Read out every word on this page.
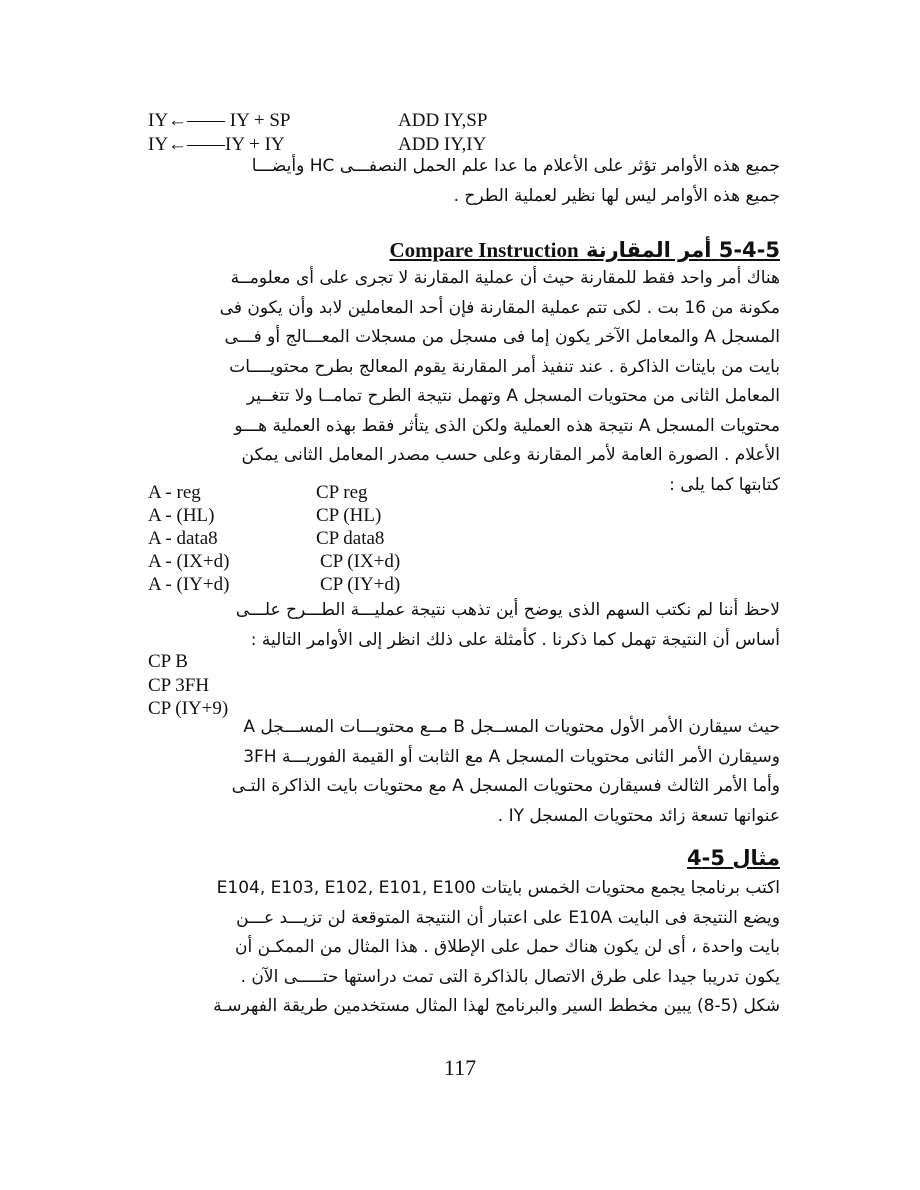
IY←—— IY + SP	ADD IY,SP
IY←——IY + IY	ADD IY,IY

جميع هذه الأوامر تؤثر على الأعلام ما عدا علم الحمل النصفـــى HC وأيضـــا

جميع هذه الأوامر ليس لها نظير لعملية الطرح .

5-4-5 أمر المقارنة Compare Instruction

هناك أمر واحد فقط للمقارنة حيث أن عملية المقارنة لا تجرى على أى معلومــة

مكونة من 16 بت . لكى تتم عملية المقارنة فإن أحد المعاملين لابد وأن يكون فى

المسجل A والمعامل الآخر يكون إما فى مسجل من مسجلات المعـــالج أو فـــى

بايت من بايتات الذاكرة . عند تنفيذ أمر المقارنة يقوم المعالج بطرح محتويــــات

المعامل الثانى من محتويات المسجل A وتهمل نتيجة الطرح تمامــا ولا تتغــير

محتويات المسجل A نتيجة هذه العملية ولكن الذى يتأثر فقط بهذه العملية هـــو

الأعلام . الصورة العامة لأمر المقارنة وعلى حسب مصدر المعامل الثانى يمكن

كتابتها كما يلى :

A - reg	CP reg
A - (HL)	CP (HL)
A - data8	CP data8
A - (IX+d)	CP (IX+d)
A - (IY+d)	CP (IY+d)

لاحظ أننا لم نكتب السهم الذى يوضح أين تذهب نتيجة عمليـــة الطـــرح علـــى

أساس أن النتيجة تهمل كما ذكرنا . كأمثلة على ذلك انظر إلى الأوامر التالية :

CP B
CP 3FH
CP (IY+9)

حيث سيقارن الأمر الأول محتويات المســجل B مــع محتويـــات المســـجل A

وسيقارن الأمر الثانى محتويات المسجل A مع الثابت أو القيمة الفوريـــة 3FH

وأما الأمر الثالث فسيقارن محتويات المسجل A مع محتويات بايت الذاكرة التـى

عنوانها تسعة زائد محتويات المسجل IY .

مثال 5-4

اكتب برنامجا يجمع محتويات الخمس بايتات E104, E103, E102, E101, E100

ويضع النتيجة فى البايت E10A على اعتبار أن النتيجة المتوقعة لن تزيـــد عـــن

بايت واحدة ، أى لن يكون هناك حمل على الإطلاق . هذا المثال من الممكـن أن

يكون تدريبا جيدا على طرق الاتصال بالذاكرة التى تمت دراستها حتـــــى الآن .

شكل (5-8) يبين مخطط السير والبرنامج لهذا المثال مستخدمين طريقة الفهرسـة

117
